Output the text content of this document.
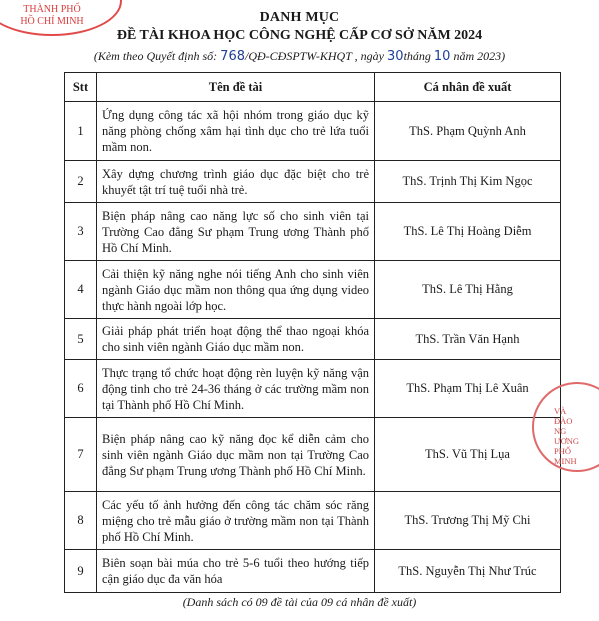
THÀNH PHỐ
HỒ CHÍ MINH	DANH MỤC
ĐỀ TÀI KHOA HỌC CÔNG NGHỆ CẤP CƠ SỞ NĂM 2024
(Kèm theo Quyết định số: 768/QĐ-CĐSPTW-KHQT , ngày 30tháng 10 năm 2023)
Stt	Tên đề tài	Cá nhân đề xuất
1	Ứng dụng công tác xã hội nhóm trong giáo dục kỹ năng phòng chống xâm hại tình dục cho trẻ lứa tuổi mầm non.	ThS. Phạm Quỳnh Anh
2	Xây dựng chương trình giáo dục đặc biệt cho trẻ khuyết tật trí tuệ tuổi nhà trẻ.	ThS. Trịnh Thị Kim Ngọc
3	Biện pháp nâng cao năng lực số cho sinh viên tại Trường Cao đẳng Sư phạm Trung ương Thành phố Hồ Chí Minh.	ThS. Lê Thị Hoàng Diễm
4	Cải thiện kỹ năng nghe nói tiếng Anh cho sinh viên ngành Giáo dục mầm non thông qua ứng dụng video thực hành ngoài lớp học.	ThS. Lê Thị Hằng
5	Giải pháp phát triển hoạt động thể thao ngoại khóa cho sinh viên ngành Giáo dục mầm non.	ThS. Trần Văn Hạnh
6	Thực trạng tổ chức hoạt động rèn luyện kỹ năng vận động tinh cho trẻ 24-36 tháng ở các trường mầm non tại Thành phố Hồ Chí Minh.	ThS. Phạm Thị Lê Xuân
7	Biện pháp nâng cao kỹ năng đọc kể diễn cảm cho sinh viên ngành Giáo dục mầm non tại Trường Cao đẳng Sư phạm Trung ương Thành phố Hồ Chí Minh.	ThS. Vũ Thị Lụa
8	Các yếu tố ảnh hưởng đến công tác chăm sóc răng miệng cho trẻ mẫu giáo ở trường mầm non tại Thành phố Hồ Chí Minh.	ThS. Trương Thị Mỹ Chi
9	Biên soạn bài múa cho trẻ 5-6 tuổi theo hướng tiếp cận giáo dục đa văn hóa	ThS. Nguyễn Thị Như Trúc
VÀ
ĐÀO
NG
ƯƠNG
PHỐ
MINH
(Danh sách có 09 đề tài của 09 cá nhân đề xuất)
